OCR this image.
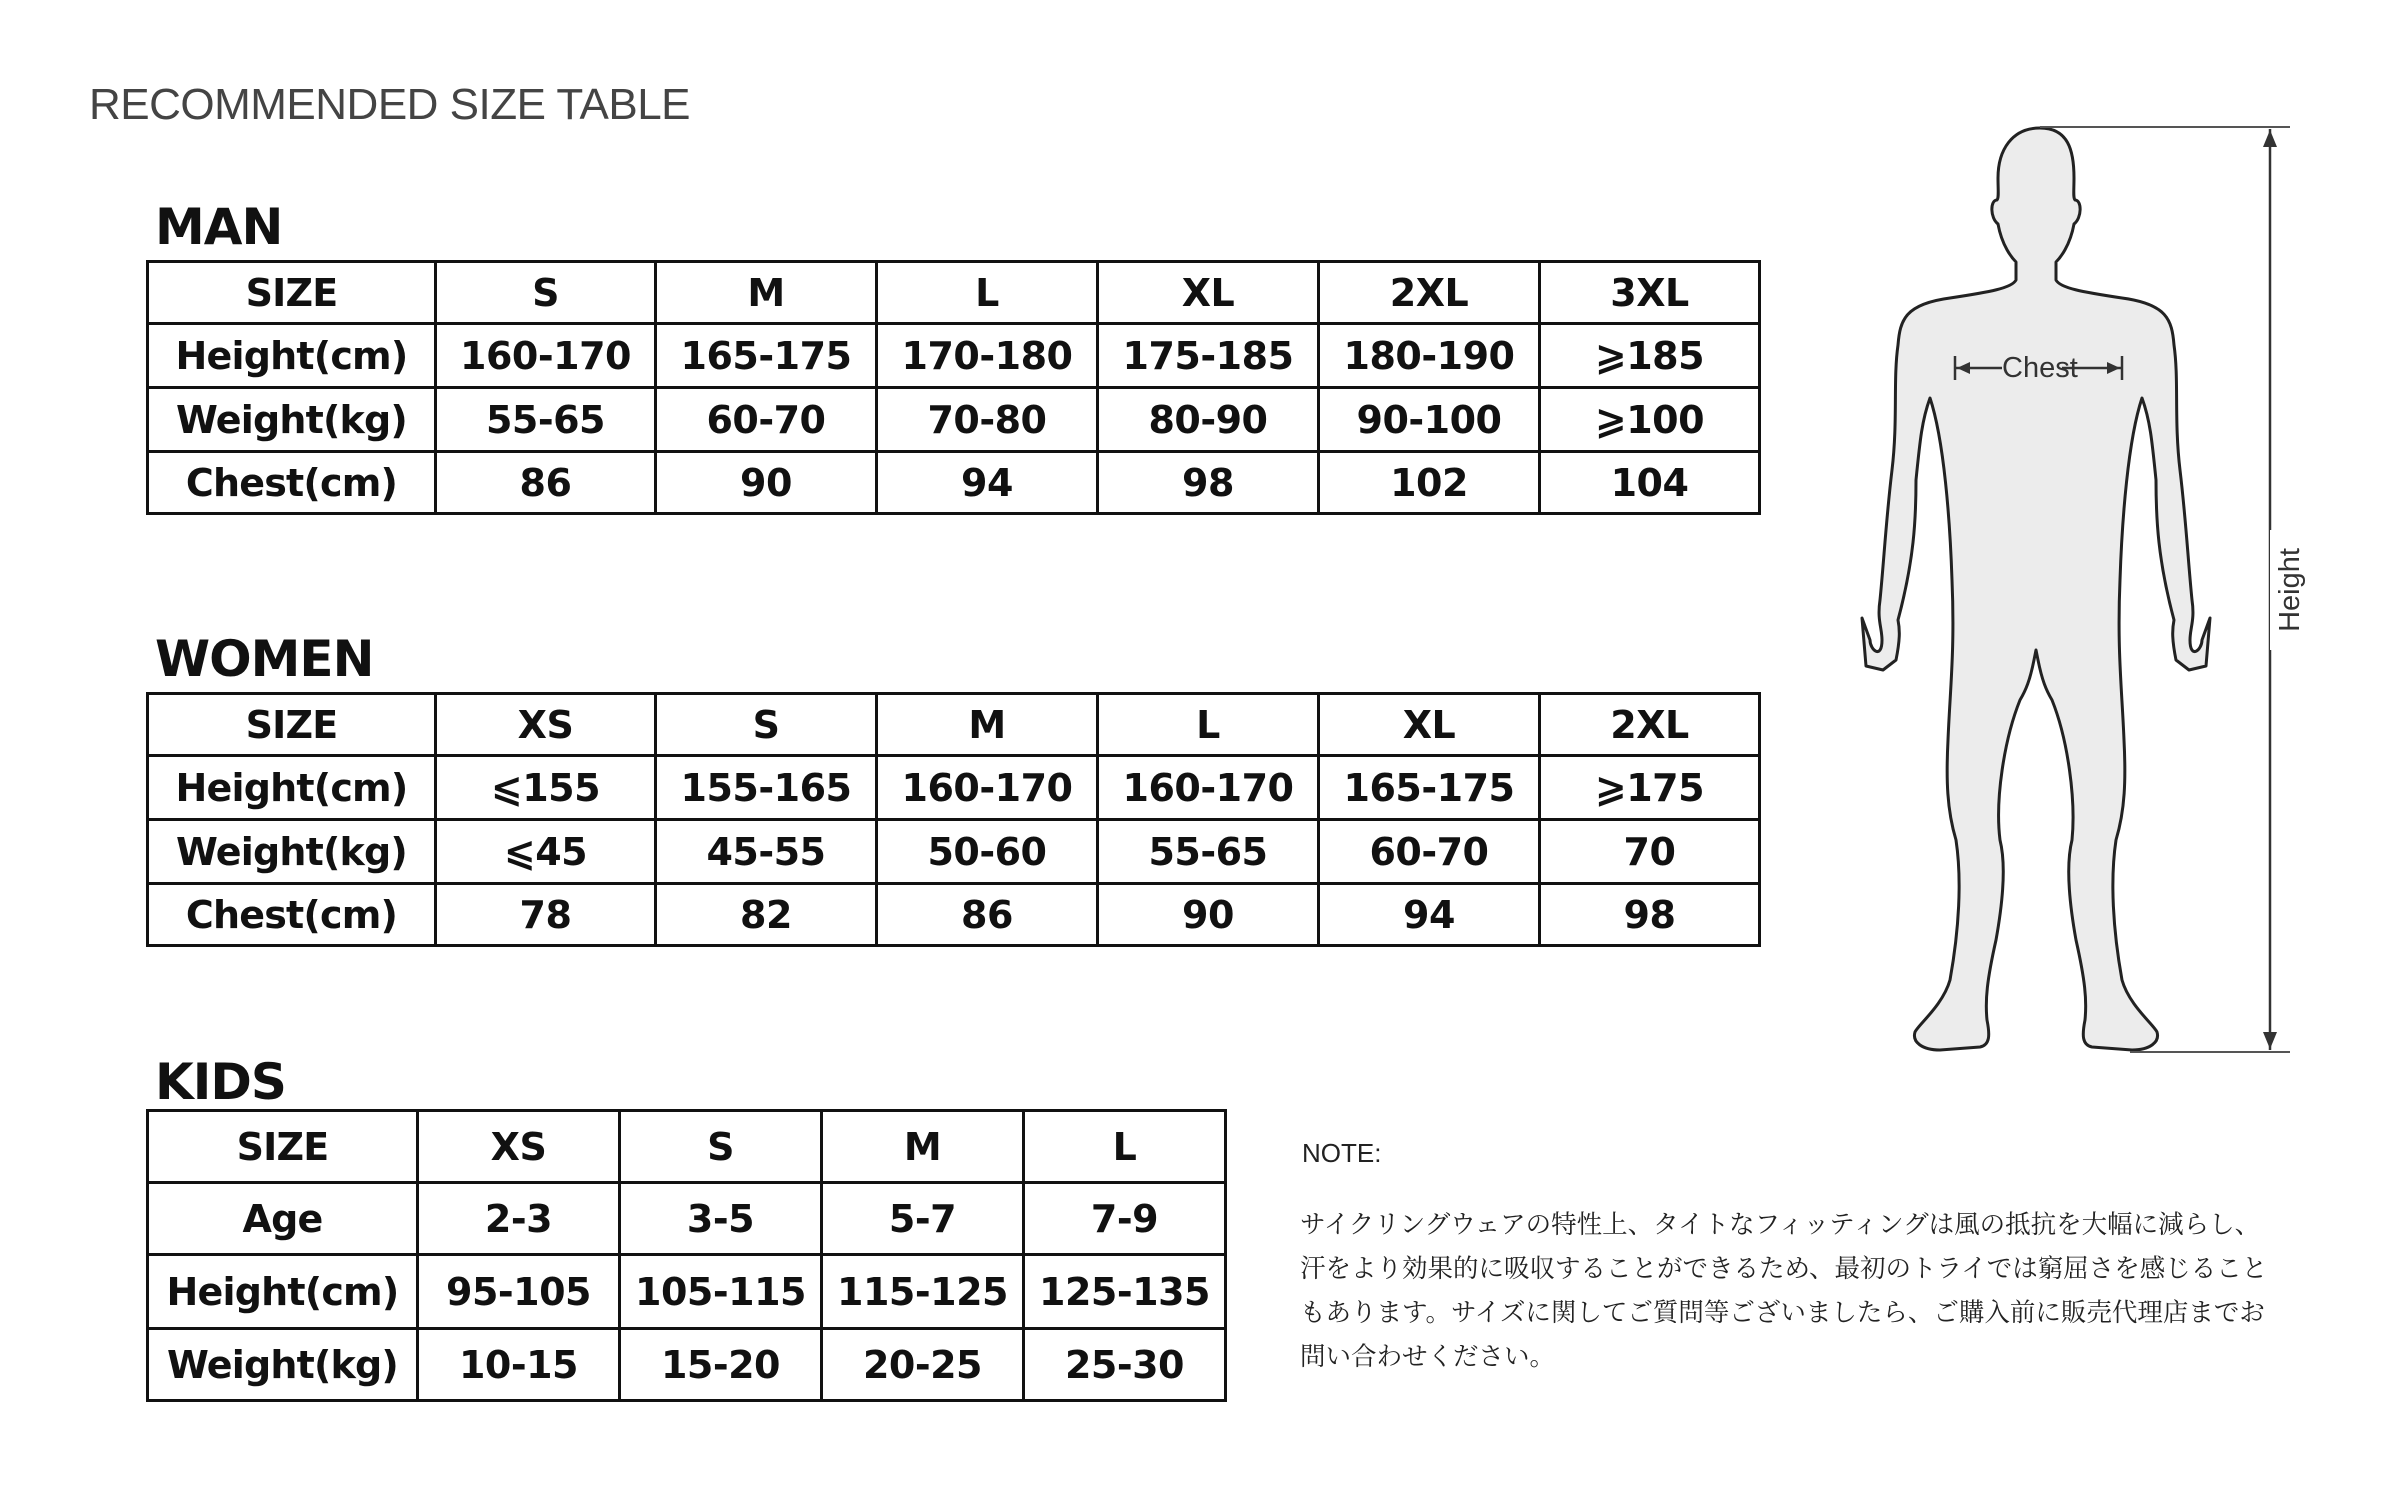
RECOMMENDED SIZE TABLE
MAN
SIZE	S	M	L	XL	2XL	3XL
Height(cm)	160-170	165-175	170-180	175-185	180-190	⩾185
Weight(kg)	55-65	60-70	70-80	80-90	90-100	⩾100
Chest(cm)	86	90	94	98	102	104
WOMEN
SIZE	XS	S	M	L	XL	2XL
Height(cm)	⩽155	155-165	160-170	160-170	165-175	⩾175
Weight(kg)	⩽45	45-55	50-60	55-65	60-70	70
Chest(cm)	78	82	86	90	94	98
KIDS
SIZE	XS	S	M	L
Age	2-3	3-5	5-7	7-9
Height(cm)	95-105	105-115	115-125	125-135
Weight(kg)	10-15	15-20	20-25	25-30
NOTE:
サイクリングウェアの特性上、タイトなフィッティングは風の抵抗を大幅に減らし、
汗をより効果的に吸収することができるため、最初のトライでは窮屈さを感じること
もあります。サイズに関してご質問等ございましたら、ご購入前に販売代理店までお
問い合わせください。
Chest
Height
